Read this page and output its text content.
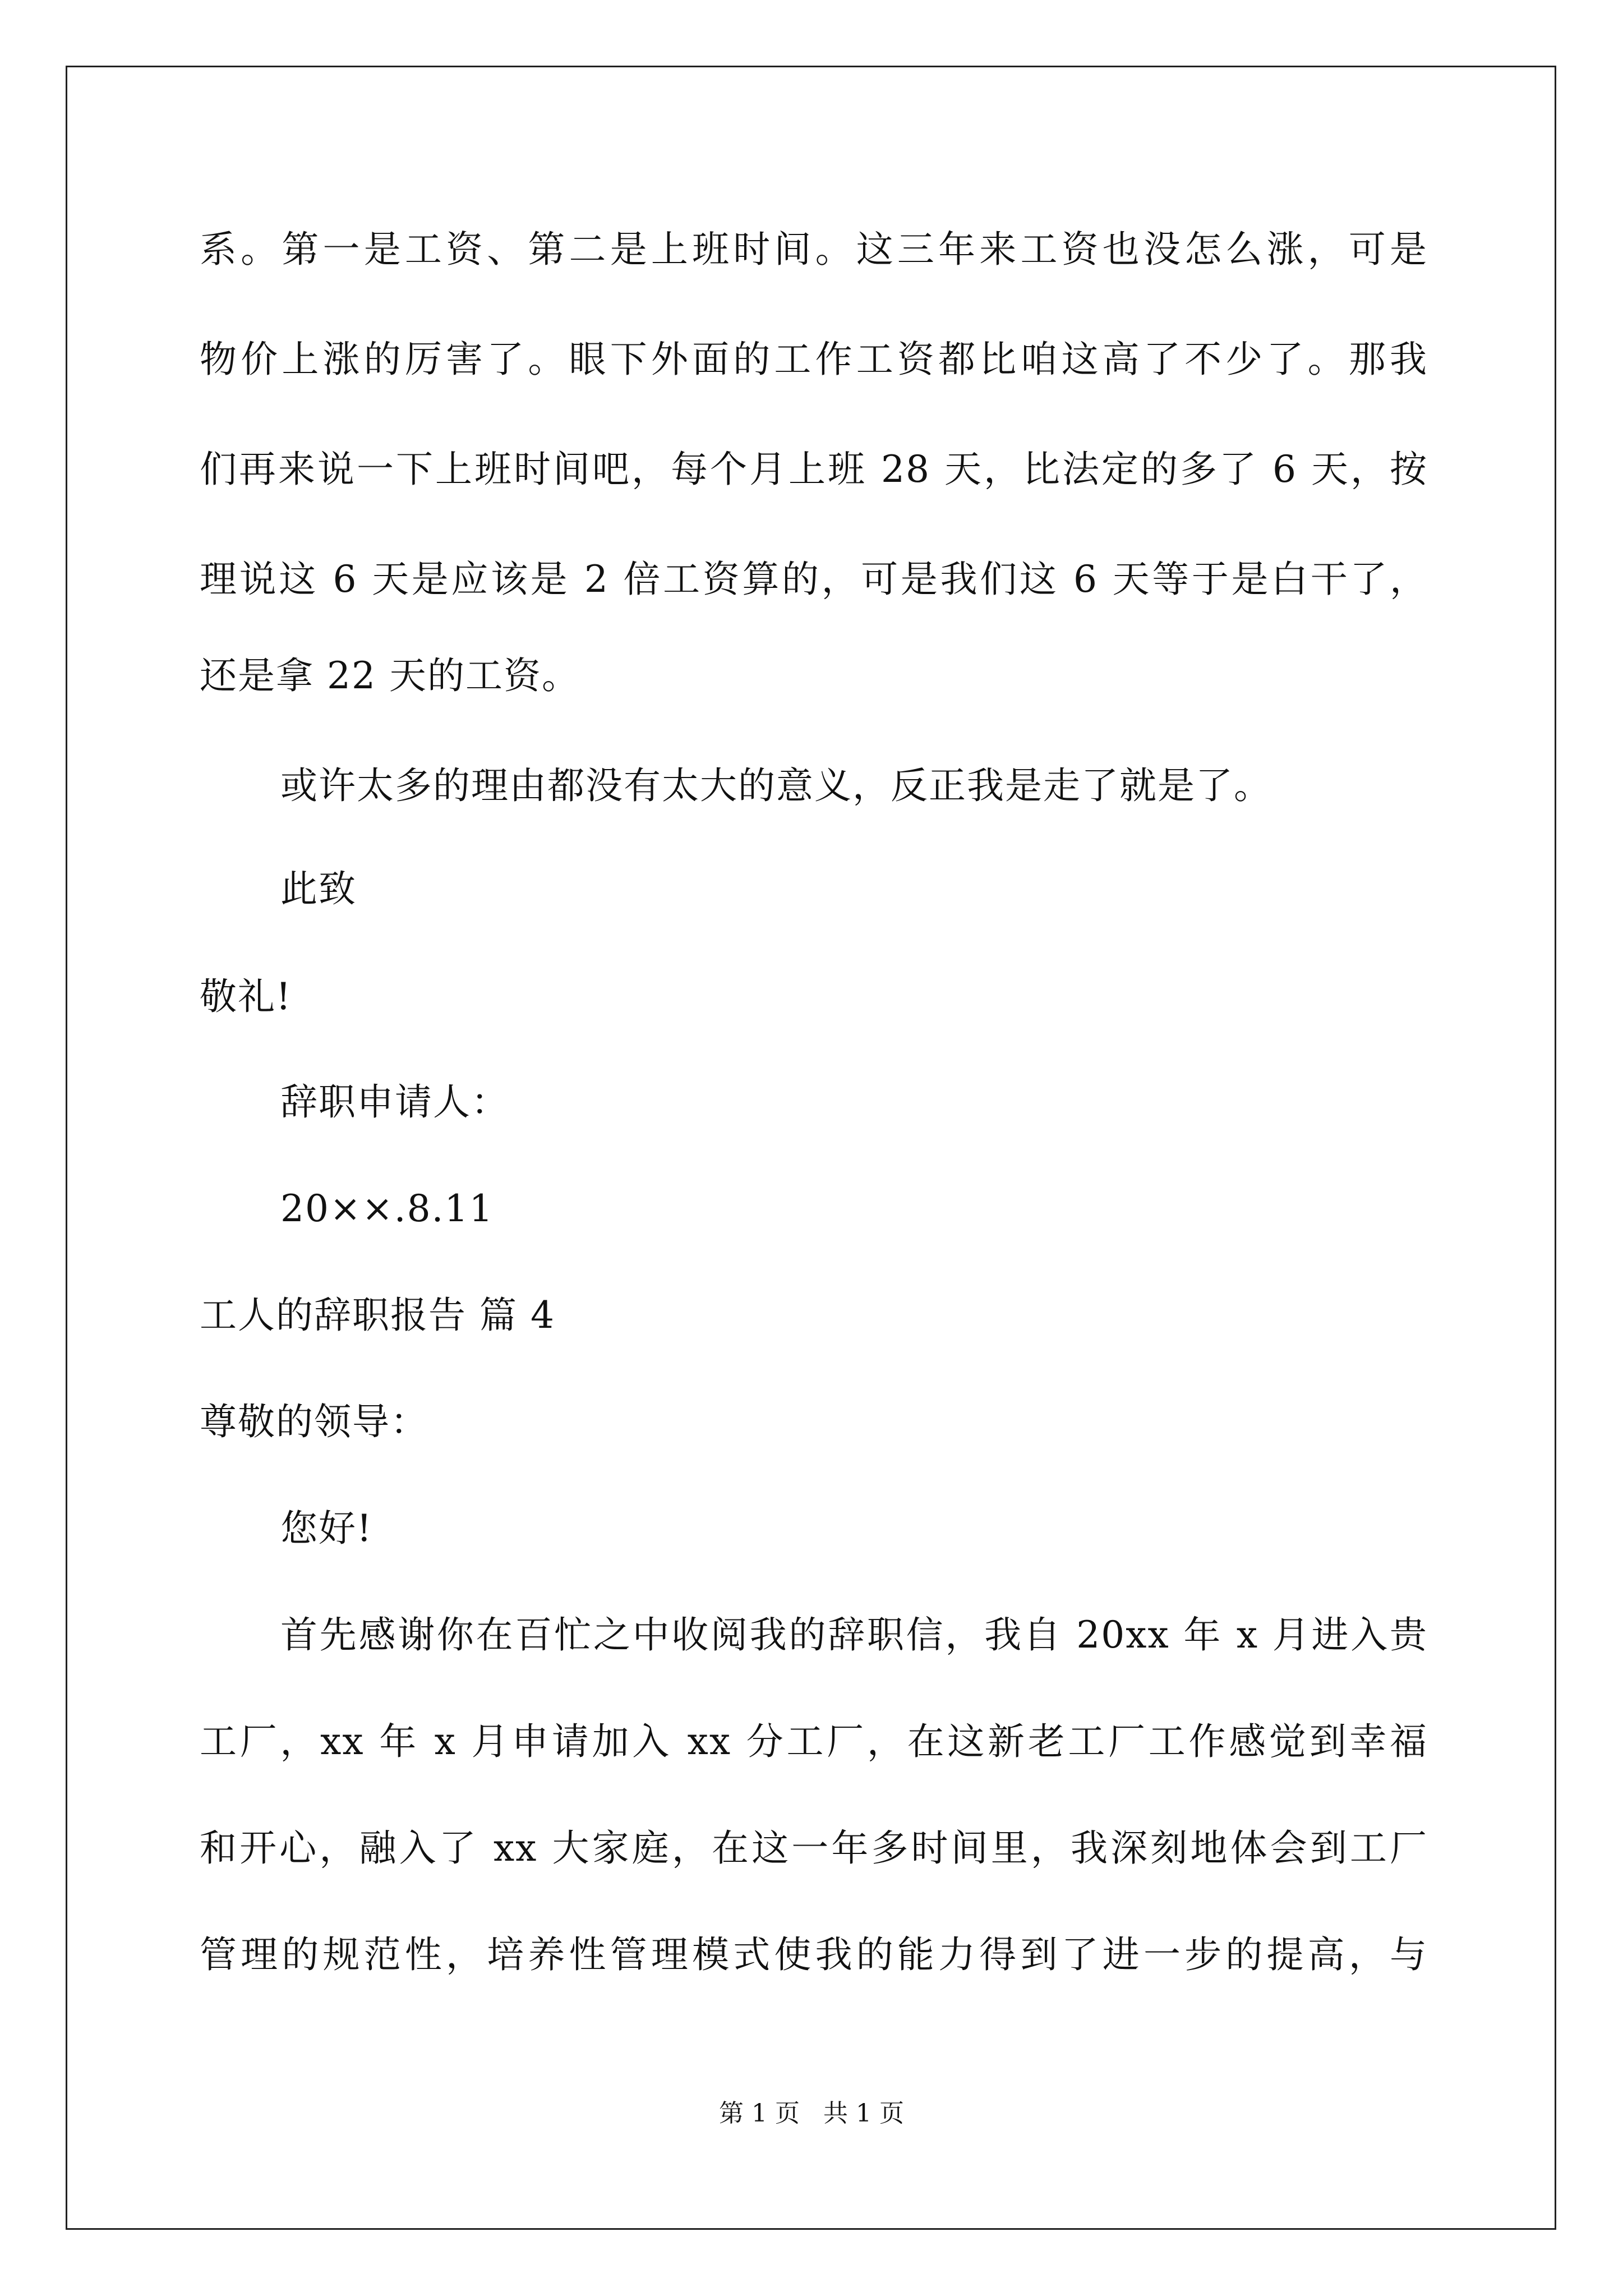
系。第一是工资、第二是上班时间。这三年来工资也没怎么涨，可是
物价上涨的厉害了。眼下外面的工作工资都比咱这高了不少了。那我
们再来说一下上班时间吧，每个月上班 28 天，比法定的多了 6 天，按
理说这 6 天是应该是 2 倍工资算的，可是我们这 6 天等于是白干了，
还是拿 22 天的工资。
或许太多的理由都没有太大的意义，反正我是走了就是了。
此致
敬礼!
辞职申请人：
20××.8.11
工人的辞职报告 篇 4
尊敬的领导：
您好!
首先感谢你在百忙之中收阅我的辞职信，我自 20xx 年 x 月进入贵
工厂，xx 年 x 月申请加入 xx 分工厂，在这新老工厂工作感觉到幸福
和开心，融入了 xx 大家庭，在这一年多时间里，我深刻地体会到工厂
管理的规范性，培养性管理模式使我的能力得到了进一步的提高，与
第 1 页   共 1 页
